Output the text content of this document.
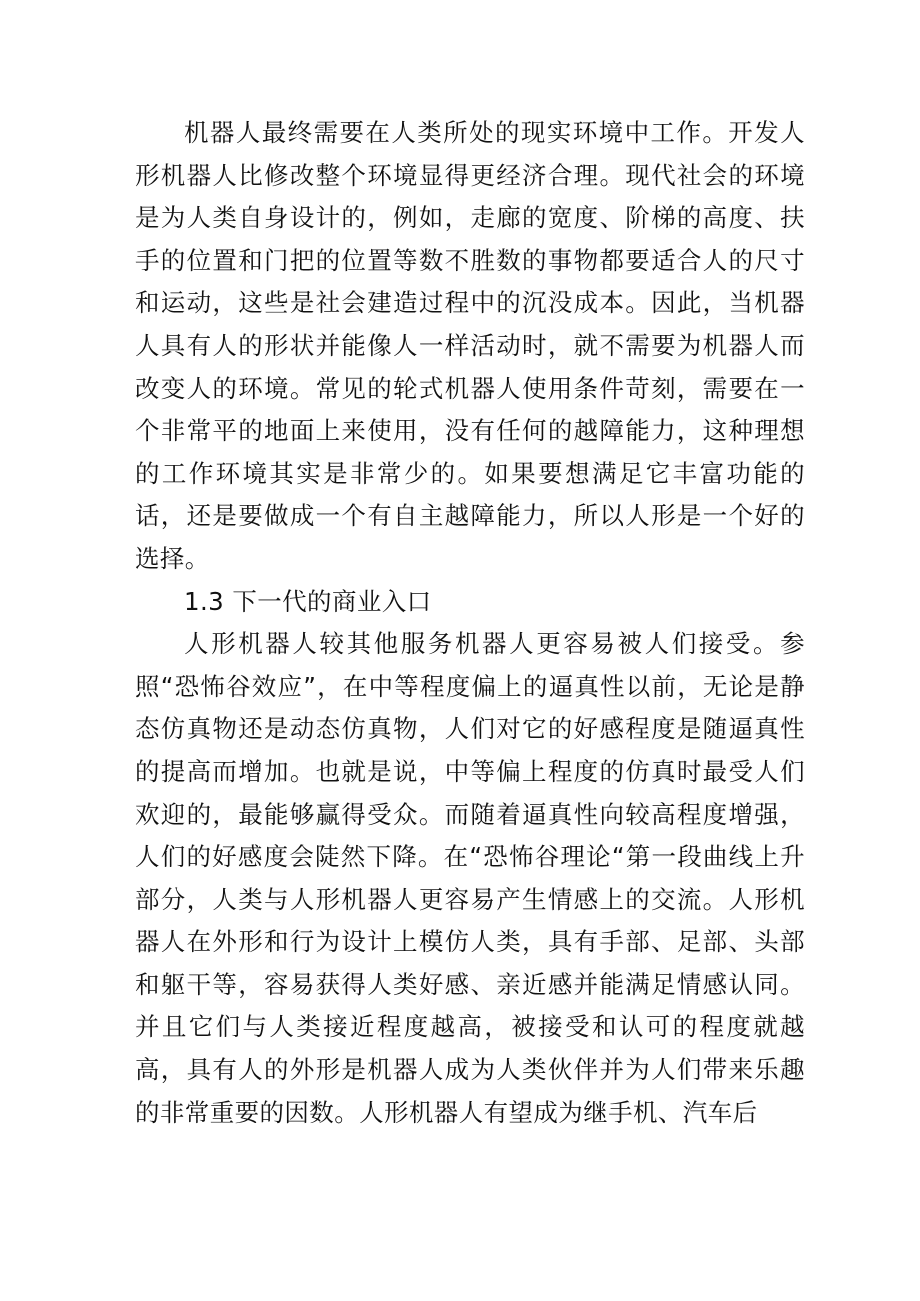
机器人最终需要在人类所处的现实环境中工作。开发人形机器人比修改整个环境显得更经济合理。现代社会的环境是为人类自身设计的，例如，走廊的宽度、阶梯的高度、扶手的位置和门把的位置等数不胜数的事物都要适合人的尺寸和运动，这些是社会建造过程中的沉没成本。因此，当机器人具有人的形状并能像人一样活动时，就不需要为机器人而改变人的环境。常见的轮式机器人使用条件苛刻，需要在一个非常平的地面上来使用，没有任何的越障能力，这种理想的工作环境其实是非常少的。如果要想满足它丰富功能的话，还是要做成一个有自主越障能力，所以人形是一个好的选择。

1.3 下一代的商业入口

人形机器人较其他服务机器人更容易被人们接受。参照“恐怖谷效应”，在中等程度偏上的逼真性以前，无论是静态仿真物还是动态仿真物，人们对它的好感程度是随逼真性的提高而增加。也就是说，中等偏上程度的仿真时最受人们欢迎的，最能够赢得受众。而随着逼真性向较高程度增强，人们的好感度会陡然下降。在“恐怖谷理论“第一段曲线上升部分，人类与人形机器人更容易产生情感上的交流。人形机器人在外形和行为设计上模仿人类，具有手部、足部、头部和躯干等，容易获得人类好感、亲近感并能满足情感认同。并且它们与人类接近程度越高，被接受和认可的程度就越高，具有人的外形是机器人成为人类伙伴并为人们带来乐趣的非常重要的因数。人形机器人有望成为继手机、汽车后
